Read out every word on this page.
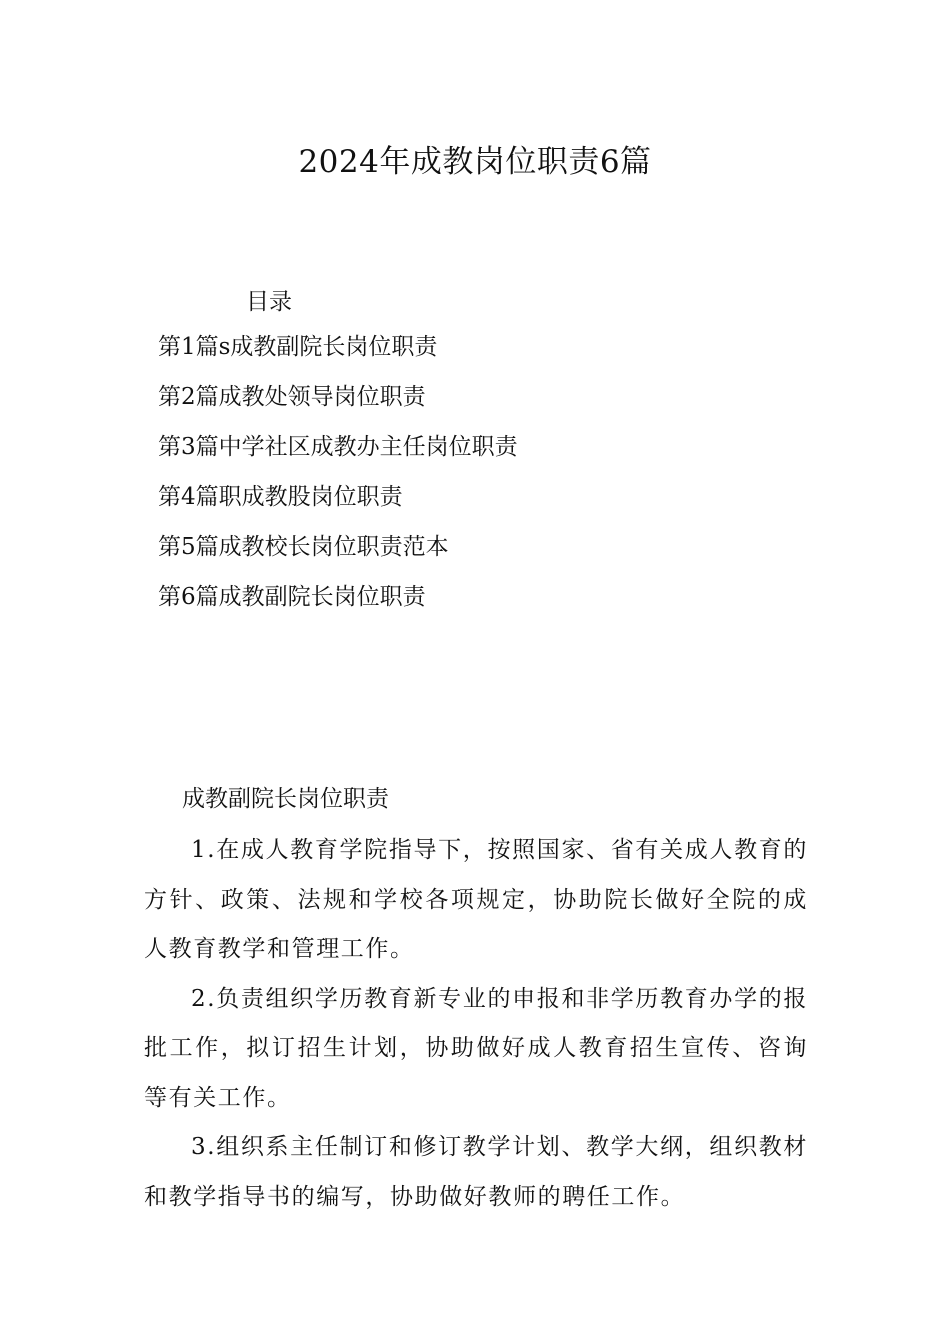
2024年成教岗位职责6篇
目录
第1篇s成教副院长岗位职责
第2篇成教处领导岗位职责
第3篇中学社区成教办主任岗位职责
第4篇职成教股岗位职责
第5篇成教校长岗位职责范本
第6篇成教副院长岗位职责
成教副院长岗位职责

1.在成人教育学院指导下，按照国家、省有关成人教育的方针、政策、法规和学校各项规定，协助院长做好全院的成人教育教学和管理工作。

2.负责组织学历教育新专业的申报和非学历教育办学的报批工作，拟订招生计划，协助做好成人教育招生宣传、咨询等有关工作。

3.组织系主任制订和修订教学计划、教学大纲，组织教材和教学指导书的编写，协助做好教师的聘任工作。
